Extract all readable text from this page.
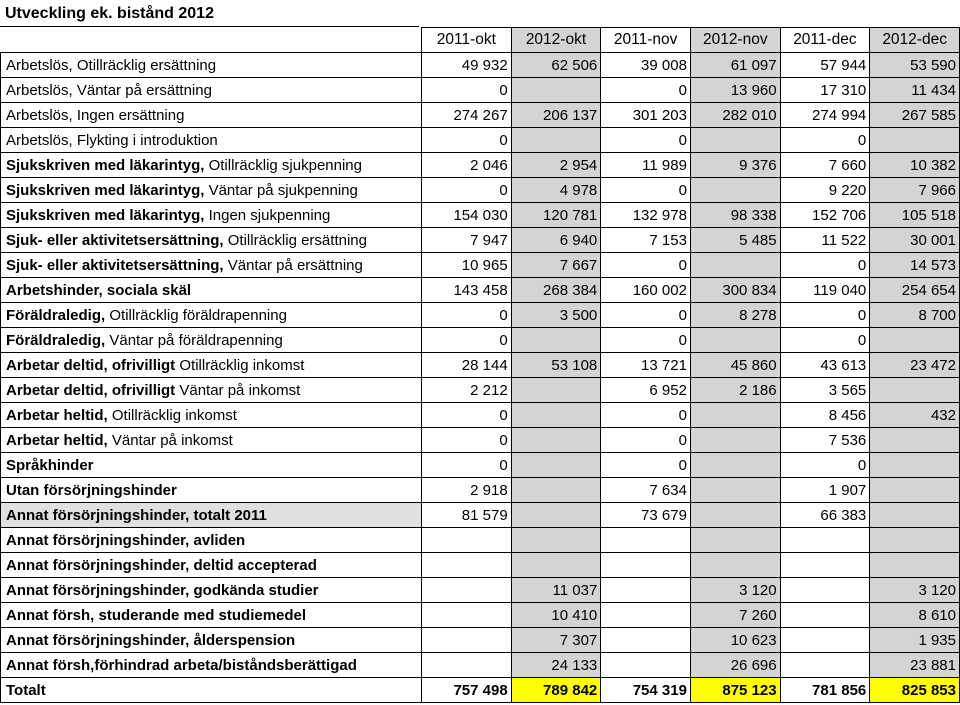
Utveckling ek. bistånd 2012
	2011-okt	2012-okt	2011-nov	2012-nov	2011-dec	2012-dec
Arbetslös, Otillräcklig ersättning	49 932	62 506	39 008	61 097	57 944	53 590
Arbetslös, Väntar på ersättning	0		0	13 960	17 310	11 434
Arbetslös, Ingen ersättning	274 267	206 137	301 203	282 010	274 994	267 585
Arbetslös, Flykting i introduktion	0		0		0	
Sjukskriven med läkarintyg, Otillräcklig sjukpenning	2 046	2 954	11 989	9 376	7 660	10 382
Sjukskriven med läkarintyg, Väntar på sjukpenning	0	4 978	0		9 220	7 966
Sjukskriven med läkarintyg, Ingen sjukpenning	154 030	120 781	132 978	98 338	152 706	105 518
Sjuk- eller aktivitetsersättning, Otillräcklig ersättning	7 947	6 940	7 153	5 485	11 522	30 001
Sjuk- eller aktivitetsersättning, Väntar på ersättning	10 965	7 667	0		0	14 573
Arbetshinder, sociala skäl	143 458	268 384	160 002	300 834	119 040	254 654
Föräldraledig, Otillräcklig föräldrapenning	0	3 500	0	8 278	0	8 700
Föräldraledig, Väntar på föräldrapenning	0		0		0	
Arbetar deltid, ofrivilligt Otillräcklig inkomst	28 144	53 108	13 721	45 860	43 613	23 472
Arbetar deltid, ofrivilligt Väntar på inkomst	2 212		6 952	2 186	3 565	
Arbetar heltid, Otillräcklig inkomst	0		0		8 456	432
Arbetar heltid, Väntar på inkomst	0		0		7 536	
Språkhinder	0		0		0	
Utan försörjningshinder	2 918		7 634		1 907	
Annat försörjningshinder, totalt 2011	81 579		73 679		66 383	
Annat försörjningshinder, avliden						
Annat försörjningshinder, deltid accepterad						
Annat försörjningshinder, godkända studier		11 037		3 120		3 120
Annat försh, studerande med studiemedel		10 410		7 260		8 610
Annat försörjningshinder, ålderspension		7 307		10 623		1 935
Annat försh,förhindrad arbeta/biståndsberättigad		24 133		26 696		23 881
Totalt	757 498	789 842	754 319	875 123	781 856	825 853
